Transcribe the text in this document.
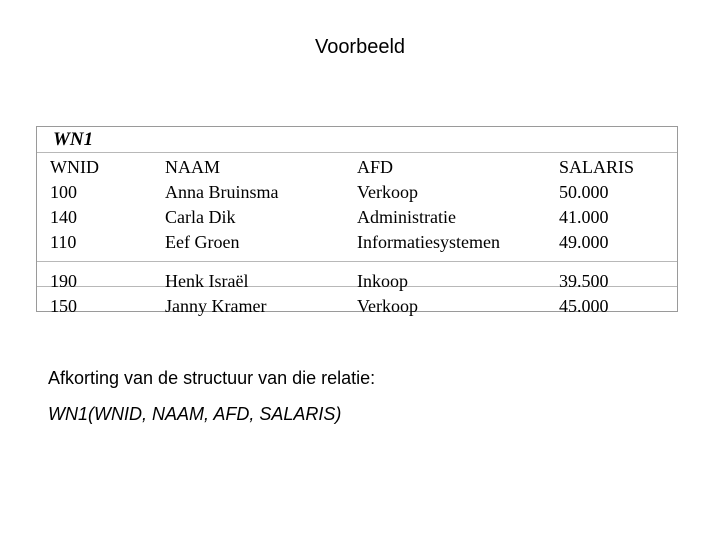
Voorbeeld
WN1
WNID
100
140
110
NAAM
Anna Bruinsma
Carla Dik
Eef Groen
AFD
Verkoop
Administratie
Informatiesystemen
SALARIS
50.000
41.000
49.000
190
150
Henk Israël
Janny Kramer
Inkoop
Verkoop
39.500
45.000
Afkorting van de structuur van die relatie:
WN1(WNID, NAAM, AFD, SALARIS)
